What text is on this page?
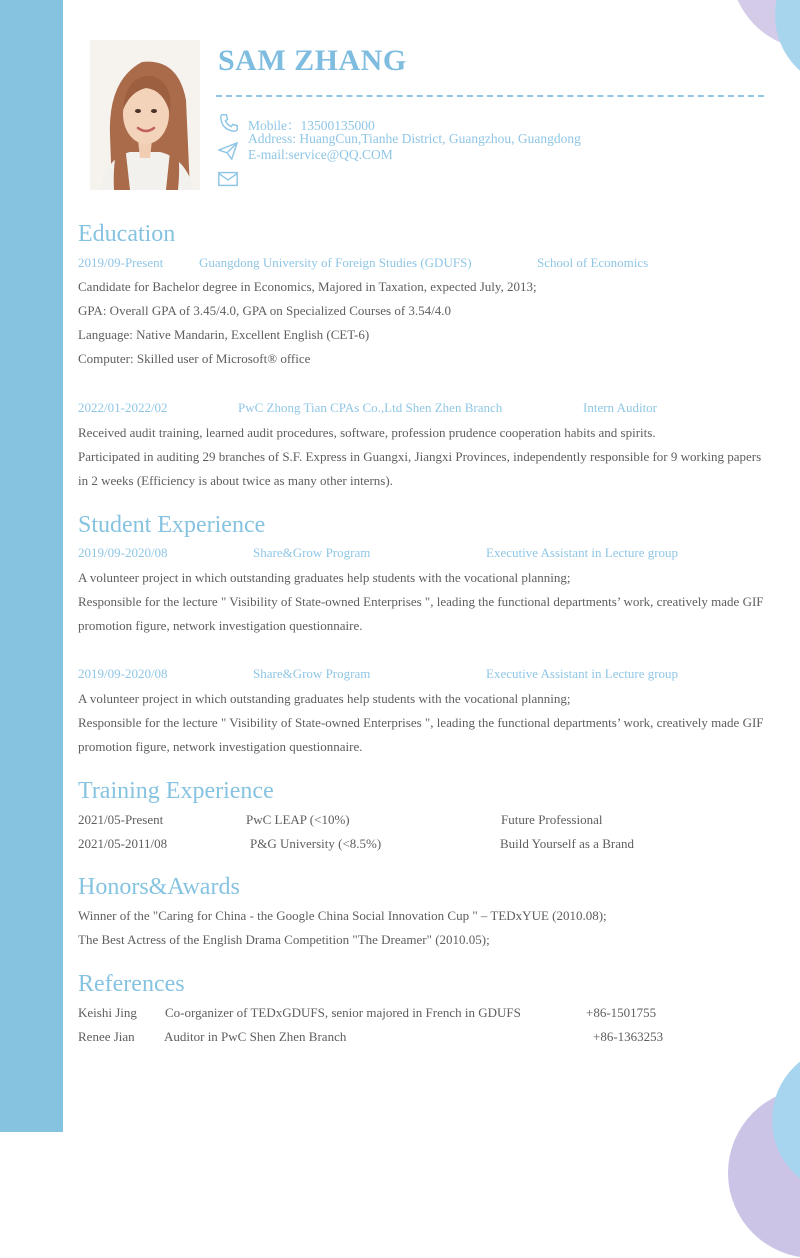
SAM ZHANG
Mobile：13500135000
Address: HuangCun,Tianhe District, Guangzhou, Guangdong
E-mail:service@QQ.COM
Education
2019/09-Present	Guangdong University of Foreign Studies (GDUFS)	School of Economics
Candidate for Bachelor degree in Economics, Majored in Taxation, expected July, 2013;
GPA: Overall GPA of 3.45/4.0, GPA on Specialized Courses of 3.54/4.0
Language: Native Mandarin, Excellent English (CET-6)
Computer: Skilled user of Microsoft® office
2022/01-2022/02	PwC Zhong Tian CPAs Co.,Ltd Shen Zhen Branch	Intern Auditor
Received audit training, learned audit procedures, software, profession prudence cooperation habits and spirits.
Participated in auditing 29 branches of S.F. Express in Guangxi, Jiangxi Provinces, independently responsible for 9 working papers
in 2 weeks (Efficiency is about twice as many other interns).
Student Experience
2019/09-2020/08	Share&Grow Program	Executive Assistant in Lecture group
A volunteer project in which outstanding graduates help students with the vocational planning;
Responsible for the lecture " Visibility of State-owned Enterprises ", leading the functional departments’ work, creatively made GIF
promotion figure, network investigation questionnaire.
2019/09-2020/08	Share&Grow Program	Executive Assistant in Lecture group
A volunteer project in which outstanding graduates help students with the vocational planning;
Responsible for the lecture " Visibility of State-owned Enterprises ", leading the functional departments’ work, creatively made GIF
promotion figure, network investigation questionnaire.
Training Experience
2021/05-Present	PwC LEAP (<10%)	Future Professional
2021/05-2011/08	P&G University (<8.5%)	Build Yourself as a Brand
Honors&Awards
Winner of the "Caring for China - the Google China Social Innovation Cup " – TEDxYUE (2010.08);
The Best Actress of the English Drama Competition "The Dreamer" (2010.05);
References
Keishi Jing Co-organizer of TEDxGDUFS, senior majored in French in GDUFS	+86-1501755
Renee Jian Auditor in PwC Shen Zhen Branch	+86-1363253
